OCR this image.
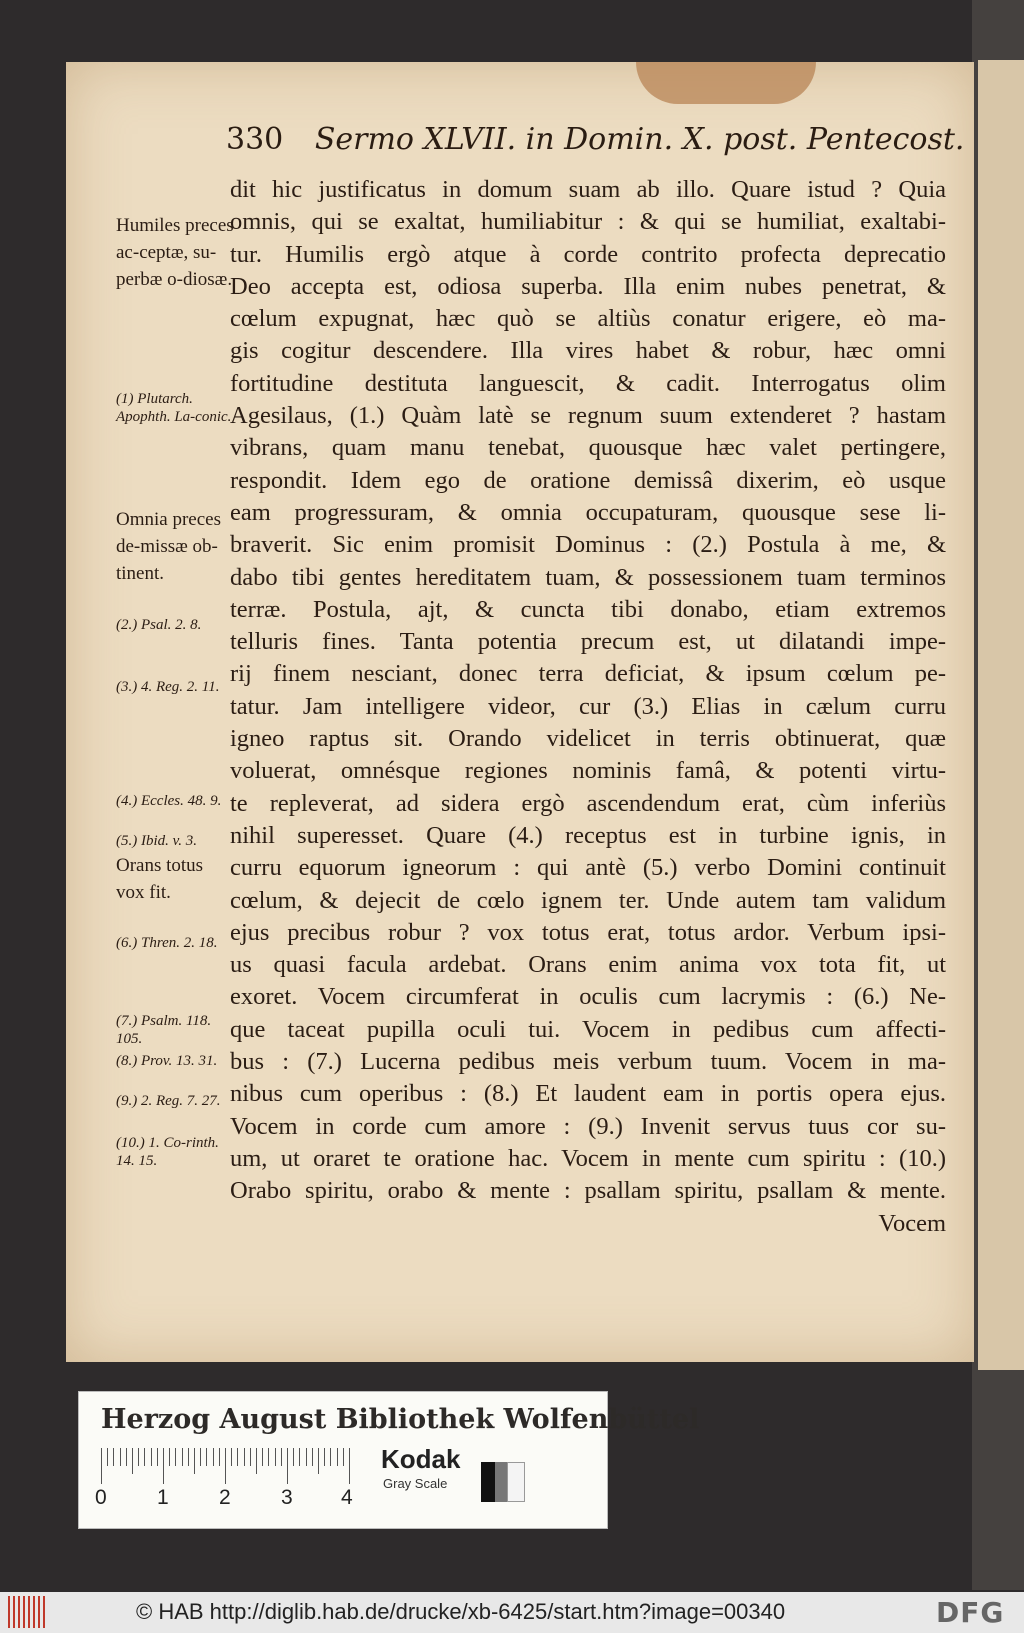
330 Sermo XLVII. in Domin. X. post. Pentecost.
Humiles preces ac-ceptæ, su-perbæ o-diosæ.
(1) Plutarch. Apophth. La-conic.
Omnia preces de-missæ ob-tinent.
(2.) Psal. 2. 8.
(3.) 4. Reg. 2. 11.
(4.) Eccles. 48. 9.
(5.) Ibid. v. 3.
Orans totus vox fit.
(6.) Thren. 2. 18.
(7.) Psalm. 118. 105.
(8.) Prov. 13. 31.
(9.) 2. Reg. 7. 27.
(10.) 1. Co-rinth. 14. 15.
dit hic justificatus in domum suam ab illo. Quare istud ? Quia
omnis, qui se exaltat, humiliabitur : & qui se humiliat, exaltabi-
tur. Humilis ergò atque à corde contrito profecta deprecatio
Deo accepta est, odiosa superba. Illa enim nubes penetrat, &
cœlum expugnat, hæc quò se altiùs conatur erigere, eò ma-
gis cogitur descendere. Illa vires habet & robur, hæc omni
fortitudine destituta languescit, & cadit. Interrogatus olim
Agesilaus, (1.) Quàm latè se regnum suum extenderet ? hastam
vibrans, quam manu tenebat, quousque hæc valet pertingere,
respondit. Idem ego de oratione demissâ dixerim, eò usque
eam progressuram, & omnia occupaturam, quousque sese li-
braverit. Sic enim promisit Dominus : (2.) Postula à me, &
dabo tibi gentes hereditatem tuam, & possessionem tuam terminos
terræ. Postula, ajt, & cuncta tibi donabo, etiam extremos
telluris fines. Tanta potentia precum est, ut dilatandi impe-
rij finem nesciant, donec terra deficiat, & ipsum cœlum pe-
tatur. Jam intelligere videor, cur (3.) Elias in cælum curru
igneo raptus sit. Orando videlicet in terris obtinuerat, quæ
voluerat, omnésque regiones nominis famâ, & potenti virtu-
te repleverat, ad sidera ergò ascendendum erat, cùm inferiùs
nihil superesset. Quare (4.) receptus est in turbine ignis, in
curru equorum igneorum : qui antè (5.) verbo Domini continuit
cœlum, & dejecit de cœlo ignem ter. Unde autem tam validum
ejus precibus robur ? vox totus erat, totus ardor. Verbum ipsi-
us quasi facula ardebat. Orans enim anima vox tota fit, ut
exoret. Vocem circumferat in oculis cum lacrymis : (6.) Ne-
que taceat pupilla oculi tui. Vocem in pedibus cum affecti-
bus : (7.) Lucerna pedibus meis verbum tuum. Vocem in ma-
nibus cum operibus : (8.) Et laudent eam in portis opera ejus.
Vocem in corde cum amore : (9.) Invenit servus tuus cor su-
um, ut oraret te oratione hac. Vocem in mente cum spiritu : (10.)
Orabo spiritu, orabo & mente : psallam spiritu, psallam & mente.
Vocem
Herzog August Bibliothek Wolfenbüttel
0 1 2 3 4
Kodak
Gray Scale
© HAB http://diglib.hab.de/drucke/xb-6425/start.htm?image=00340	DFG
